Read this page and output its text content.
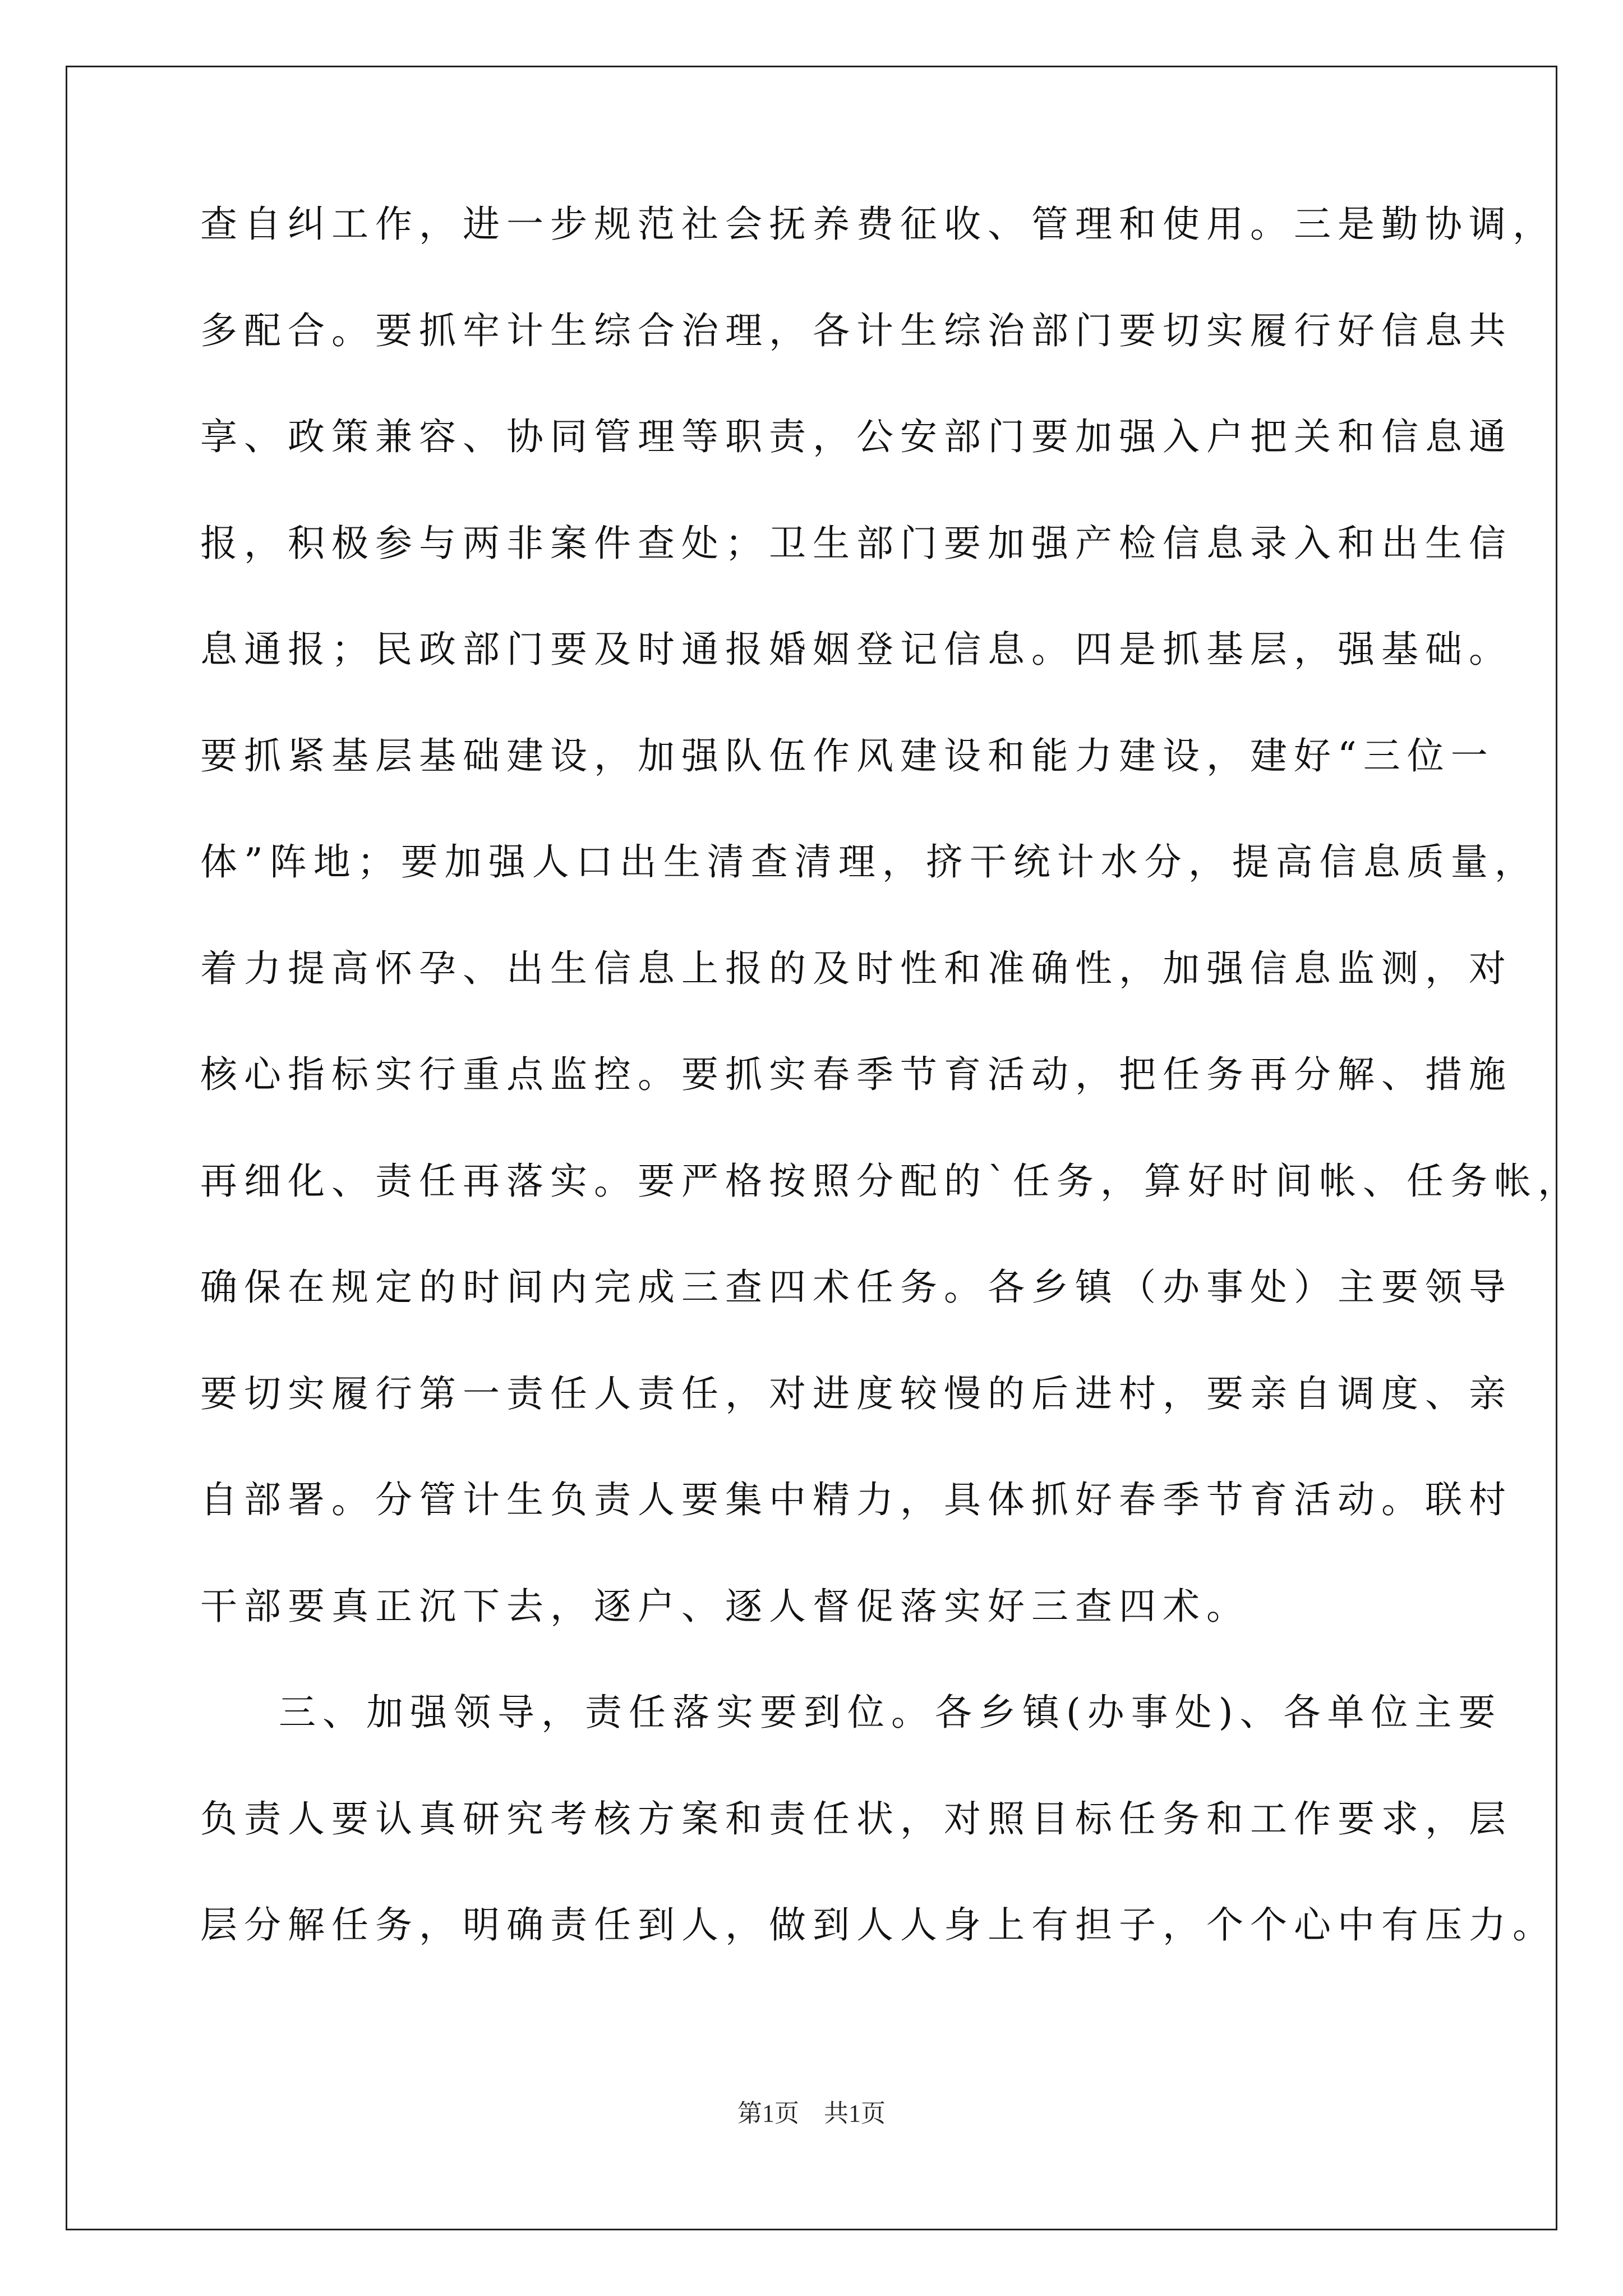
查自纠工作，进一步规范社会抚养费征收、管理和使用。三是勤协调，
多配合。要抓牢计生综合治理，各计生综治部门要切实履行好信息共
享、政策兼容、协同管理等职责，公安部门要加强入户把关和信息通
报，积极参与两非案件查处；卫生部门要加强产检信息录入和出生信
息通报；民政部门要及时通报婚姻登记信息。四是抓基层，强基础。
要抓紧基层基础建设，加强队伍作风建设和能力建设，建好“三位一
体”阵地；要加强人口出生清查清理，挤干统计水分，提高信息质量，
着力提高怀孕、出生信息上报的及时性和准确性，加强信息监测，对
核心指标实行重点监控。要抓实春季节育活动，把任务再分解、措施
再细化、责任再落实。要严格按照分配的`任务，算好时间帐、任务帐，
确保在规定的时间内完成三查四术任务。各乡镇（办事处）主要领导
要切实履行第一责任人责任，对进度较慢的后进村，要亲自调度、亲
自部署。分管计生负责人要集中精力，具体抓好春季节育活动。联村
干部要真正沉下去，逐户、逐人督促落实好三查四术。
三、加强领导，责任落实要到位。各乡镇(办事处)、各单位主要
负责人要认真研究考核方案和责任状，对照目标任务和工作要求，层
层分解任务，明确责任到人，做到人人身上有担子，个个心中有压力。
第1页　共1页
